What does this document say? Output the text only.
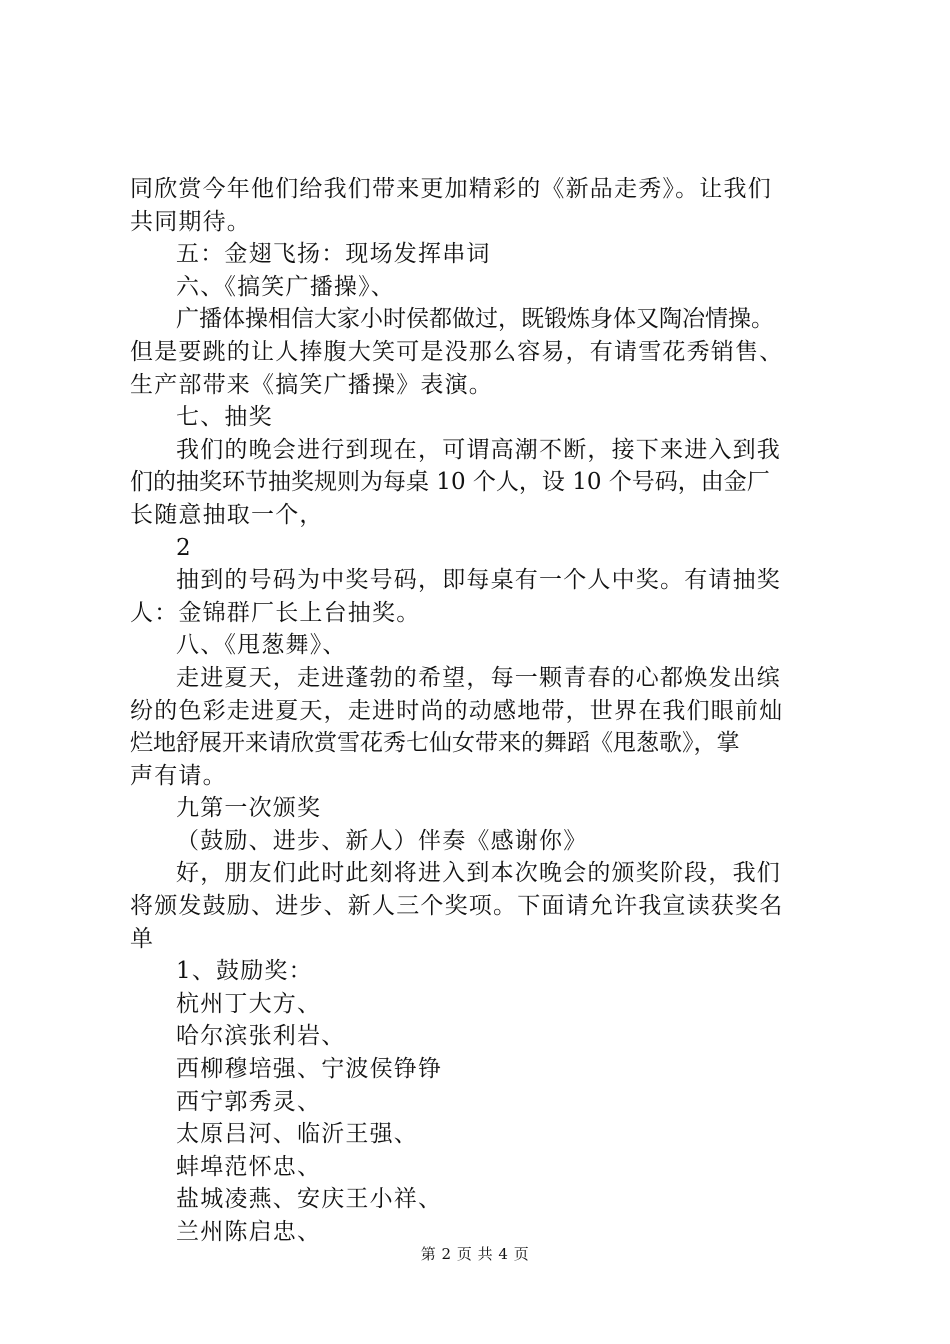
同欣赏今年他们给我们带来更加精彩的《新品走秀》。让我们
共同期待。
五：金翅飞扬：现场发挥串词
六、《搞笑广播操》、
广播体操相信大家小时侯都做过，既锻炼身体又陶冶情操。
但是要跳的让人捧腹大笑可是没那么容易，有请雪花秀销售、
生产部带来《搞笑广播操》表演。
七、抽奖
我们的晚会进行到现在，可谓高潮不断，接下来进入到我
们的抽奖环节抽奖规则为每桌 10 个人，设 10 个号码，由金厂
长随意抽取一个，
2
抽到的号码为中奖号码，即每桌有一个人中奖。有请抽奖
人：金锦群厂长上台抽奖。
八、《甩葱舞》、
走进夏天，走进蓬勃的希望，每一颗青春的心都焕发出缤
纷的色彩走进夏天，走进时尚的动感地带，世界在我们眼前灿
烂地舒展开来请欣赏雪花秀七仙女带来的舞蹈《甩葱歌》，掌
声有请。
九第一次颁奖
（鼓励、进步、新人）伴奏《感谢你》
好，朋友们此时此刻将进入到本次晚会的颁奖阶段，我们
将颁发鼓励、进步、新人三个奖项。下面请允许我宣读获奖名
单
1、鼓励奖：
杭州丁大方、
哈尔滨张利岩、
西柳穆培强、宁波侯铮铮
西宁郭秀灵、
太原吕河、临沂王强、
蚌埠范怀忠、
盐城凌燕、安庆王小祥、
兰州陈启忠、
第 2 页 共 4 页
